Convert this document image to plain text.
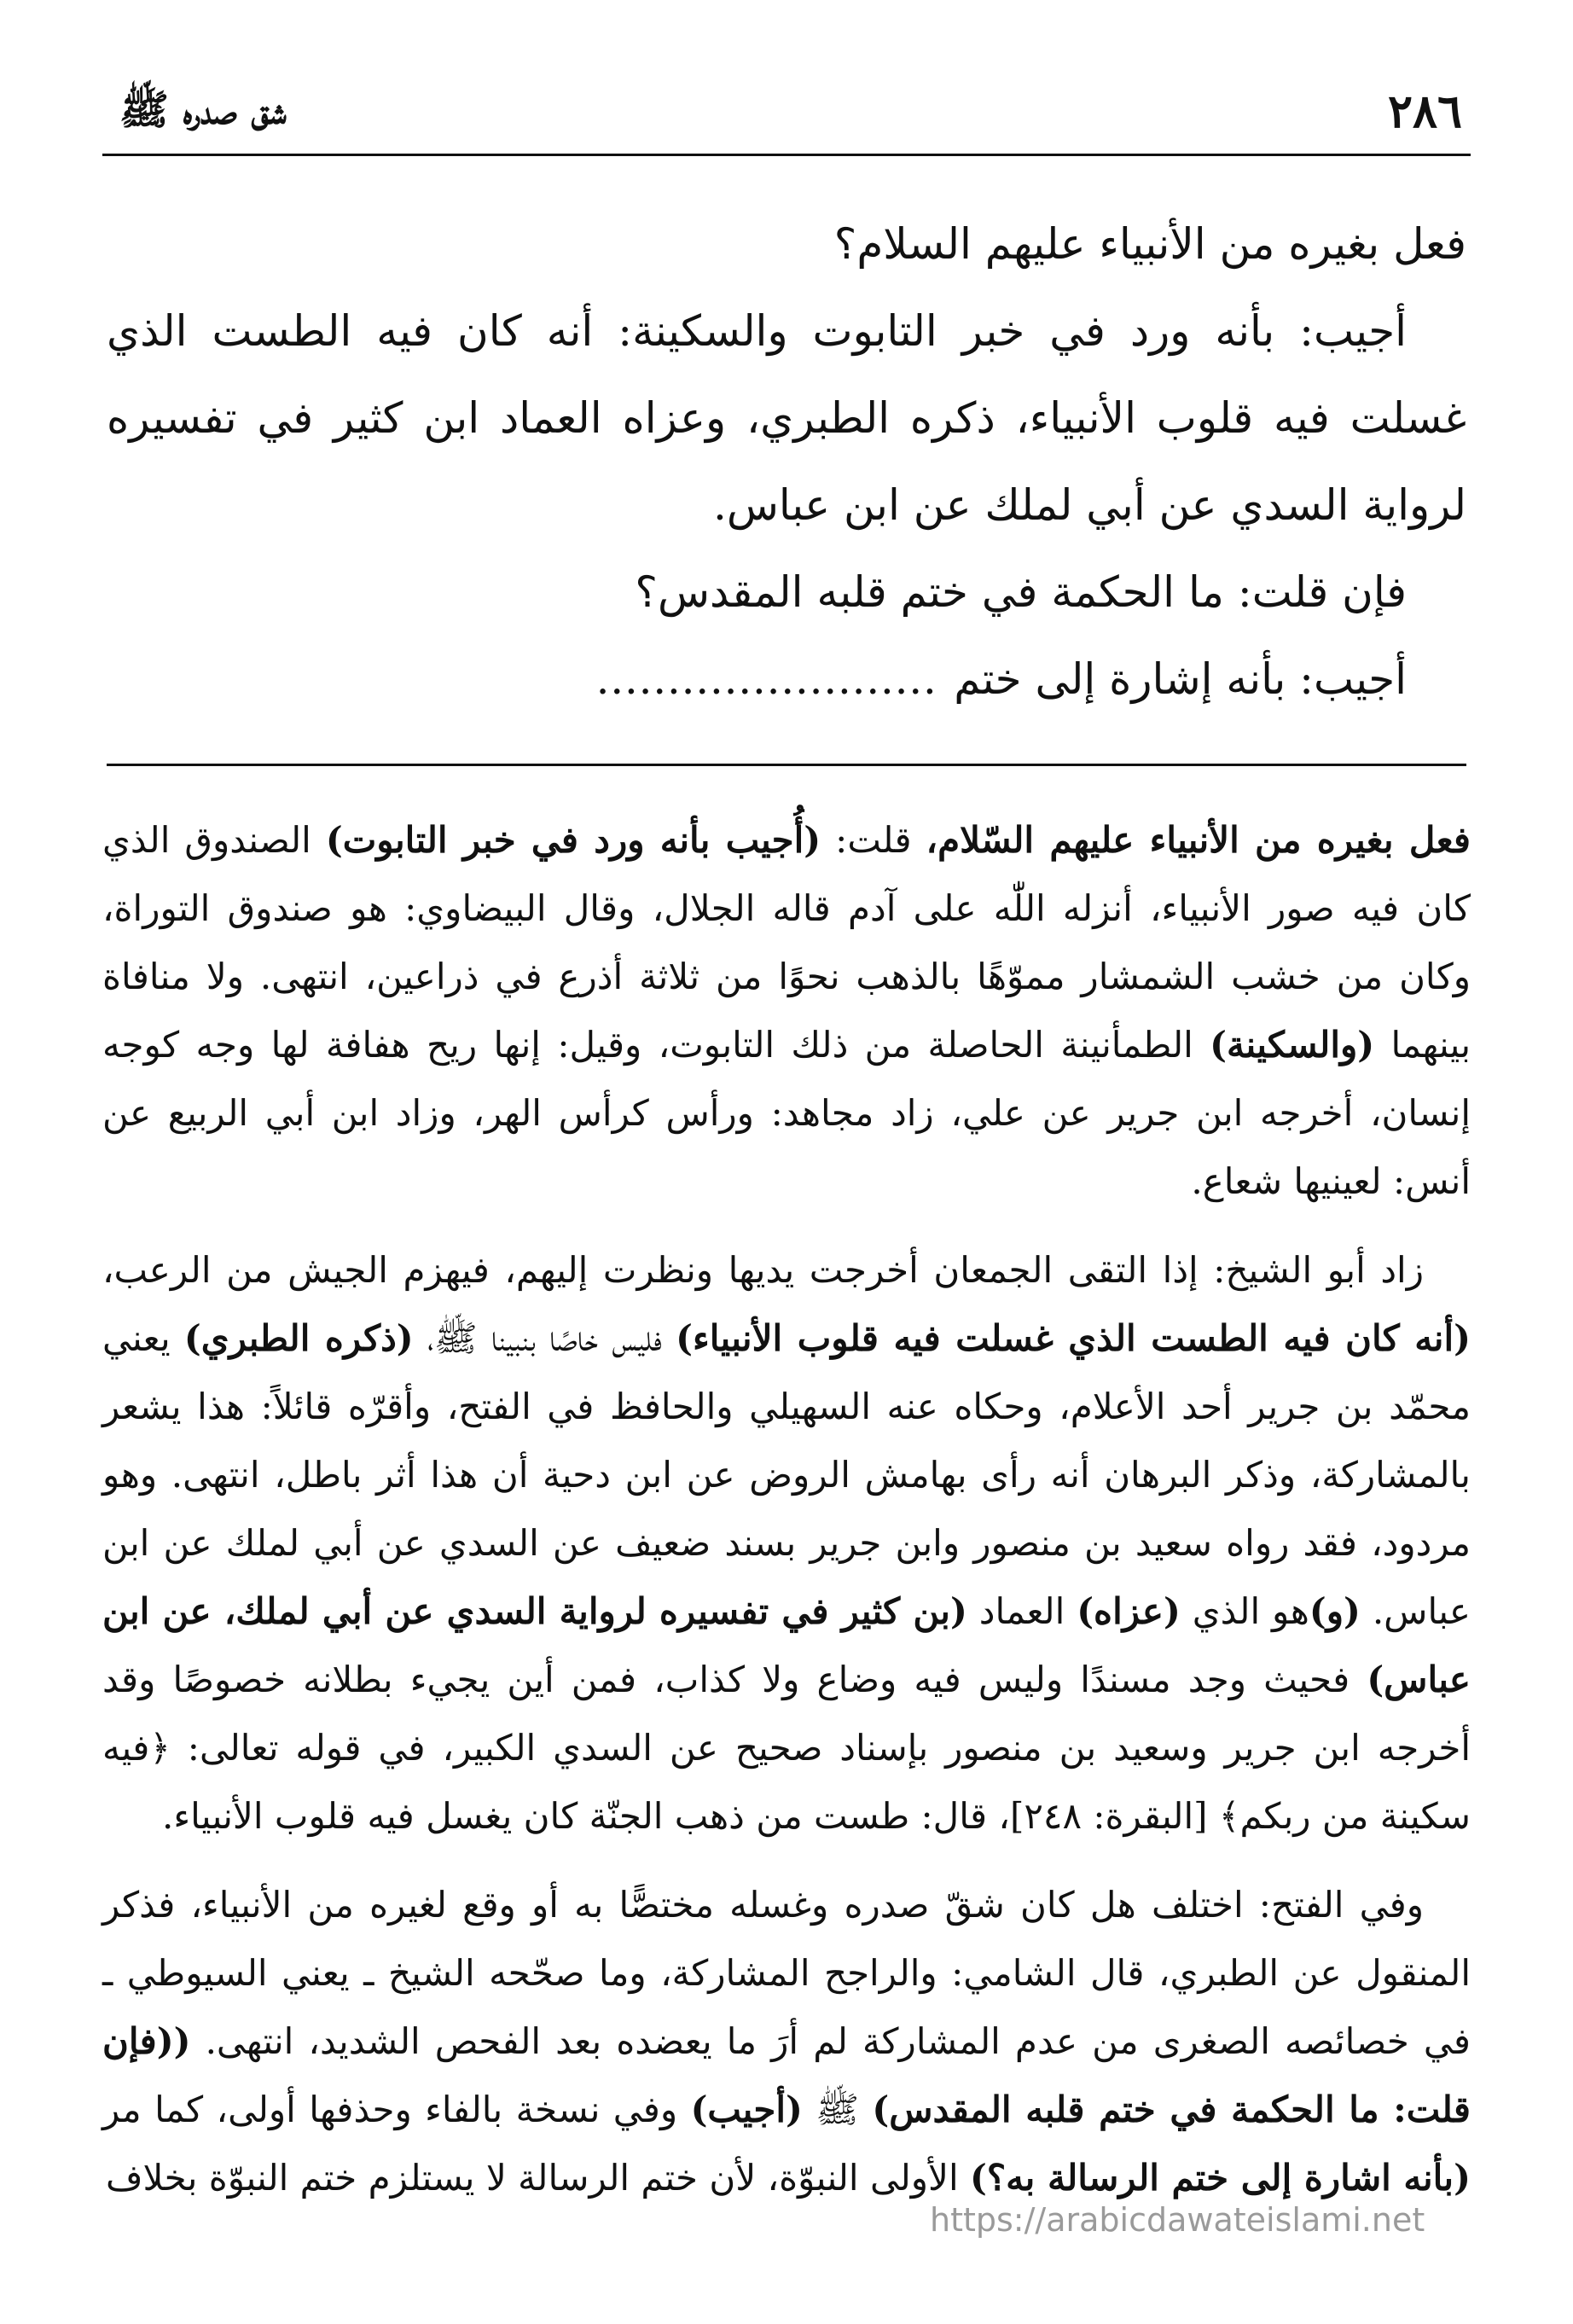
٢٨٦
شق صدره ﷺ

فعل بغيره من الأنبياء عليهم السلام؟

أجيب: بأنه ورد في خبر التابوت والسكينة: أنه كان فيه الطست الذي غسلت فيه قلوب الأنبياء، ذكره الطبري، وعزاه العماد ابن كثير في تفسيره لرواية السدي عن أبي لملك عن ابن عباس.

فإن قلت: ما الحكمة في ختم قلبه المقدس؟

أجيب: بأنه إشارة إلى ختم……………………

فعل بغيره من الأنبياء عليهم السّلام، قلت: (أُجيب بأنه ورد في خبر التابوت) الصندوق الذي كان فيه صور الأنبياء، أنزله اللّٰه على آدم قاله الجلال، وقال البيضاوي: هو صندوق التوراة، وكان من خشب الشمشار مموّهًا بالذهب نحوًا من ثلاثة أذرع في ذراعين، انتهى. ولا منافاة بينهما (والسكينة) الطمأنينة الحاصلة من ذلك التابوت، وقيل: إنها ريح هفافة لها وجه كوجه إنسان، أخرجه ابن جرير عن علي، زاد مجاهد: ورأس كرأس الهر، وزاد ابن أبي الربيع عن أنس: لعينيها شعاع.

زاد أبو الشيخ: إذا التقى الجمعان أخرجت يديها ونظرت إليهم، فيهزم الجيش من الرعب، (أنه كان فيه الطست الذي غسلت فيه قلوب الأنبياء) فليس خاصًا بنبينا ﷺ، (ذكره الطبري) يعني محمّد بن جرير أحد الأعلام، وحكاه عنه السهيلي والحافظ في الفتح، وأقرّه قائلاً: هذا يشعر بالمشاركة، وذكر البرهان أنه رأى بهامش الروض عن ابن دحية أن هذا أثر باطل، انتهى. وهو مردود، فقد رواه سعيد بن منصور وابن جرير بسند ضعيف عن السدي عن أبي لملك عن ابن عباس. (و)هو الذي (عزاه) العماد (بن كثير في تفسيره لرواية السدي عن أبي لملك، عن ابن عباس) فحيث وجد مسندًا وليس فيه وضاع ولا كذاب، فمن أين يجيء بطلانه خصوصًا وقد أخرجه ابن جرير وسعيد بن منصور بإسناد صحيح عن السدي الكبير، في قوله تعالى: ﴿فيه سكينة من ربكم﴾ [البقرة: ٢٤٨]، قال: طست من ذهب الجنّة كان يغسل فيه قلوب الأنبياء.

وفي الفتح: اختلف هل كان شقّ صدره وغسله مختصًّا به أو وقع لغيره من الأنبياء، فذكر المنقول عن الطبري، قال الشامي: والراجح المشاركة، وما صحّحه الشيخ ـ يعني السيوطي ـ في خصائصه الصغرى من عدم المشاركة لم أرَ ما يعضده بعد الفحص الشديد، انتهى. ((فإن قلت: ما الحكمة في ختم قلبه المقدس) ﷺ (أجيب) وفي نسخة بالفاء وحذفها أولى، كما مر (بأنه اشارة إلى ختم الرسالة به؟) الأولى النبوّة، لأن ختم الرسالة لا يستلزم ختم النبوّة بخلاف

https://arabicdawateislami.net
